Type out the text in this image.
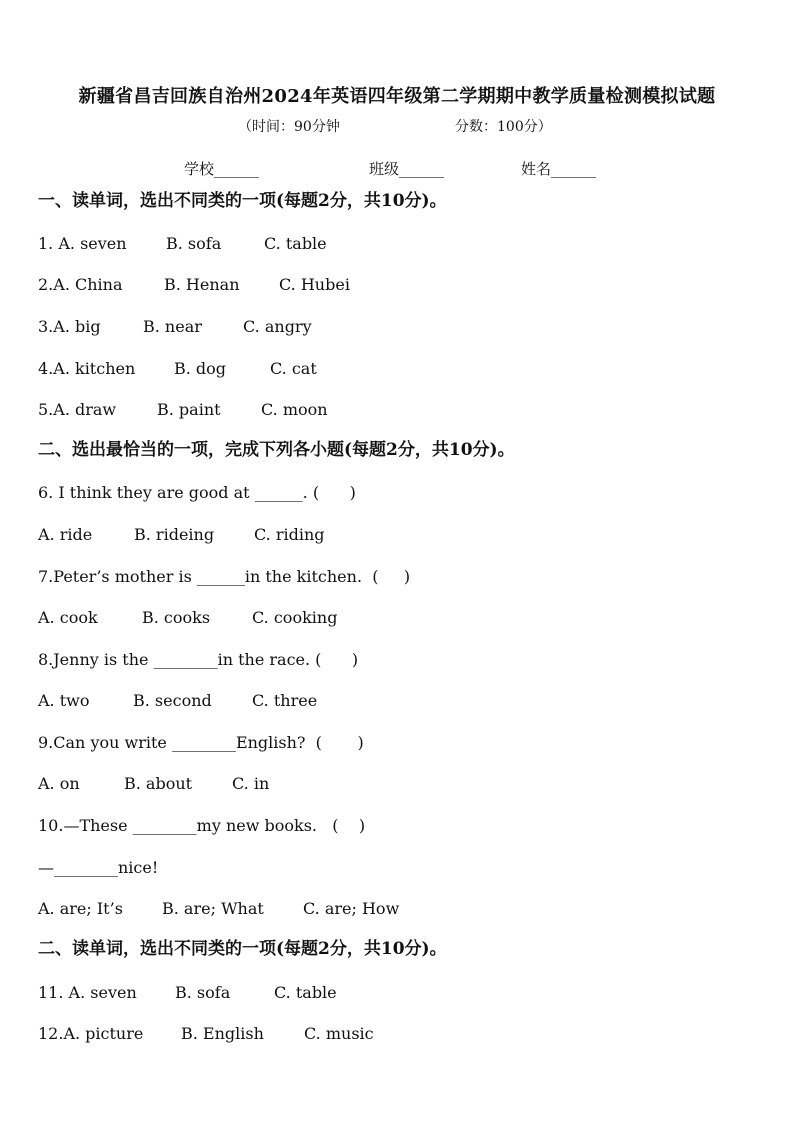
新疆省昌吉回族自治州2024年英语四年级第二学期期中教学质量检测模拟试题
（时间：90分钟	分数：100分）
学校______	班级______	姓名______
一、读单词，选出不同类的一项(每题2分，共10分)。
1. A. seven B. sofa	C. table
2.A. China	B. Henan C. Hubei
3.A. big	B. near	C. angry
4.A. kitchen B. dog	C. cat
5.A. draw	B. paint	C. moon
二、选出最恰当的一项，完成下列各小题(每题2分，共10分)。
6. I think they are good at ______. (      )
A. ride	B. rideing C. riding
7.Peter’s mother is ______in the kitchen.  (     )
A. cook	B. cooks	C. cooking
8.Jenny is the ________in the race. (      )
A. two	B. second	C. three
9.Can you write ________English?  (       )
A. on	B. about C. in
10.—These ________my new books.   (    )
—________nice!
A. are; It’s B. are; What C. are; How
二、读单词，选出不同类的一项(每题2分，共10分)。
11. A. seven B. sofa	C. table
12.A. picture B. English	C. music
